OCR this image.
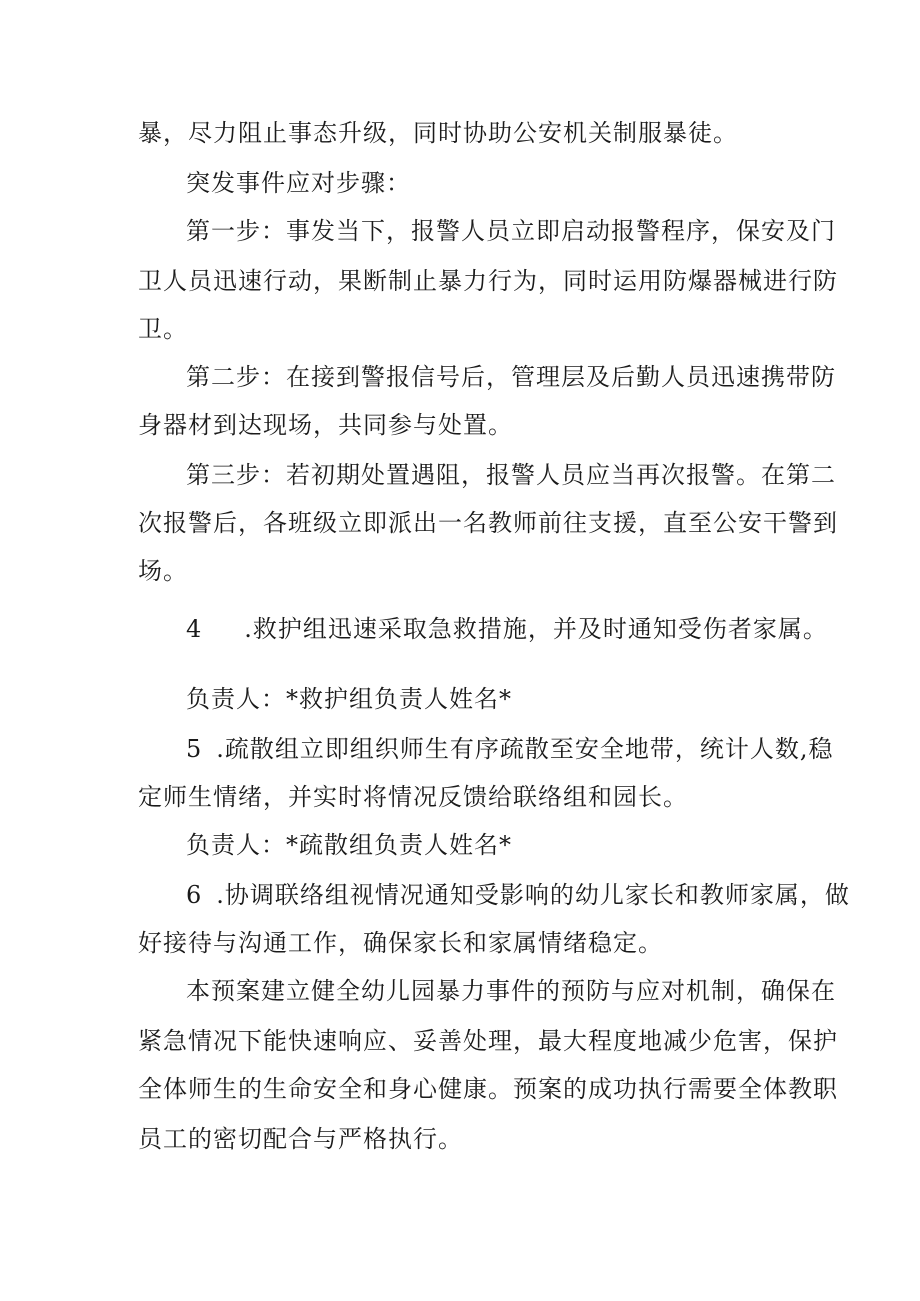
暴，尽力阻止事态升级，同时协助公安机关制服暴徒。
突发事件应对步骤：
第一步：事发当下，报警人员立即启动报警程序，保安及门
卫人员迅速行动，果断制止暴力行为，同时运用防爆器械进行防
卫。
第二步：在接到警报信号后，管理层及后勤人员迅速携带防
身器材到达现场，共同参与处置。
第三步：若初期处置遇阻，报警人员应当再次报警。在第二
次报警后，各班级立即派出一名教师前往支援，直至公安干警到
场。
4 .救护组迅速采取急救措施，并及时通知受伤者家属。
负责人：*救护组负责人姓名*
5 .疏散组立即组织师生有序疏散至安全地带，统计人数,稳
定师生情绪，并实时将情况反馈给联络组和园长。
负责人：*疏散组负责人姓名*
6 .协调联络组视情况通知受影响的幼儿家长和教师家属，做
好接待与沟通工作，确保家长和家属情绪稳定。
本预案建立健全幼儿园暴力事件的预防与应对机制，确保在
紧急情况下能快速响应、妥善处理，最大程度地减少危害，保护
全体师生的生命安全和身心健康。预案的成功执行需要全体教职
员工的密切配合与严格执行。
